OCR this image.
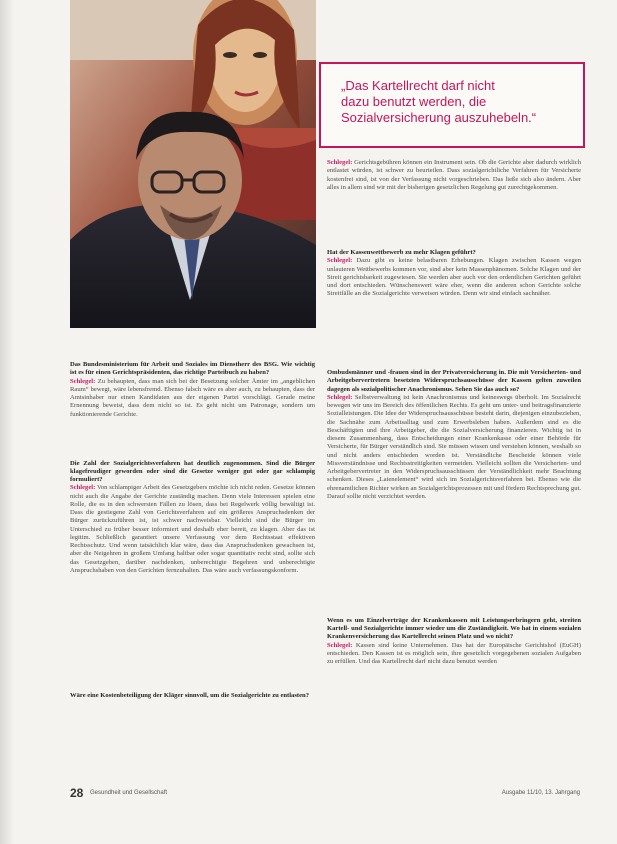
„Das Kartellrecht darf nicht
dazu benutzt werden, die
Sozialversicherung auszuhebeln.“

Schlegel: Gerichtsgebühren können ein Instrument sein. Ob die Gerichte aber dadurch wirklich entlastet würden, ist schwer zu beurteilen. Dass sozialgerichtliche Verfahren für Versicherte kostenfrei sind, ist von der Verfassung nicht vorgeschrieben. Das ließe sich also ändern. Aber alles in allem sind wir mit der bisherigen gesetzlichen Regelung gut zurechtgekommen.

Hat der Kassenwettbewerb zu mehr Klagen geführt?

Schlegel: Dazu gibt es keine belastbaren Erhebungen. Klagen zwischen Kassen wegen unlauteren Wettbewerbs kommen vor, sind aber kein Massenphänomen. Solche Klagen und der Streit gerichtsbarkeit zugewiesen. Sie werden aber auch vor den ordentlichen Gerichten geführt und dort entschieden. Wünschenswert wäre eher, wenn die anderen schon Gerichte solche Streitfälle an die Sozialgerichte verweisen würden. Denn wir sind einfach sachnäher.

Ombudsmänner und -frauen sind in der Privatversicherung in. Die mit Versicherten- und Arbeitgebervertretern besetzten Widerspruchsausschüsse der Kassen gelten zuweilen dagegen als sozialpolitischer Anachronismus. Sehen Sie das auch so?

Schlegel: Selbstverwaltung ist kein Anachronismus und keineswegs überholt. Im Sozialrecht bewegen wir uns im Bereich des öffentlichen Rechts. Es geht um unter- und beitragsfinanzierte Sozialleistungen. Die Idee der Widerspruchsausschüsse besteht darin, diejenigen einzubeziehen, die Sachnähe zum Arbeitsalltag und zum Erwerbsleben haben. Außerdem sind es die Beschäftigten und ihre Arbeitgeber, die die Sozialversicherung finanzieren. Wichtig ist in diesem Zusammenhang, dass Entscheidungen einer Krankenkasse oder einer Behörde für Versicherte, für Bürger verständlich sind. Sie müssen wissen und verstehen können, weshalb so und nicht anders entschieden worden ist. Verständliche Bescheide können viele Missverständnisse und Rechtsstreitigkeiten vermeiden. Vielleicht sollten die Versicherten- und Arbeitgebervertreter in den Widerspruchsausschüssen der Verständlichkeit mehr Beachtung schenken. Dieses „Laienelement“ wird sich im Sozialgerichtsverfahren bei. Ebenso wie die ehrenamtlichen Richter wirken an Sozialgerichtsprozessen mit und fördern Rechtsprechung gut. Darauf sollte nicht verzichtet werden.

Wenn es um Einzelverträge der Krankenkassen mit Leistungserbringern geht, streiten Kartell- und Sozialgerichte immer wieder um die Zuständigkeit. Wo hat in einem sozialen Krankenversicherung das Kartellrecht seinen Platz und wo nicht?

Schlegel: Kassen sind keine Unternehmen. Das hat der Europäische Gerichtshof (EuGH) entschieden. Den Kassen ist es möglich sein, ihre gesetzlich vorgegebenen sozialen Aufgaben zu erfüllen. Und das Kartellrecht darf nicht dazu benutzt werden

Das Bundesministerium für Arbeit und Soziales im Dienstherr des BSG. Wie wichtig ist es für einen Gerichtspräsidenten, das richtige Parteibuch zu haben?

Schlegel: Zu behaupten, dass man sich bei der Besetzung solcher Ämter im „angeblichen Raum“ bewegt, wäre lebensfremd. Ebenso falsch wäre es aber auch, zu behaupten, dass der Amtsinhaber nur einen Kandidaten aus der eigenen Partei vorschlägt. Gerade meine Ernennung beweist, dass dem nicht so ist. Es geht nicht um Patronage, sondern um funktionierende Gerichte.

Die Zahl der Sozialgerichtsverfahren hat deutlich zugenommen. Sind die Bürger klagefreudiger geworden oder sind die Gesetze weniger gut oder gar schlampig formuliert?

Schlegel: Von schlampiger Arbeit des Gesetzgebers möchte ich nicht reden. Gesetze können nicht auch die Angabe der Gerichte zuständig machen. Denn viele Interessen spielen eine Rolle, die es in den schwersten Fällen zu lösen, dass bei Regelwerk völlig bewältigt ist. Dass die gestiegene Zahl von Gerichtsverfahren auf ein größeres Anspruchsdenken der Bürger zurückzuführen ist, ist schwer nachweisbar. Vielleicht sind die Bürger im Unterschied zu früher besser informiert und deshalb eher bereit, zu klagen. Aber das ist legitim. Schließlich garantiert unsere Verfassung vor dem Rechtsstaat effektiven Rechtsschutz. Und wenn tatsächlich klar wäre, dass das Anspruchsdenken gewachsen ist, aber die Neigehren in großem Umfang haltbar oder sogar quantitativ recht sind, sollte sich das Gesetzgeben, darüber nachdenken, unberechtigte Begehren und unberechtigte Anspruchshaben von den Gerichten fernzuhalten. Das wäre auch verfassungskonform.

Wäre eine Kostenbeteiligung der Kläger sinnvoll, um die Sozialgerichte zu entlasten?

28 Gesundheit und Gesellschaft	Ausgabe 11/10, 13. Jahrgang
